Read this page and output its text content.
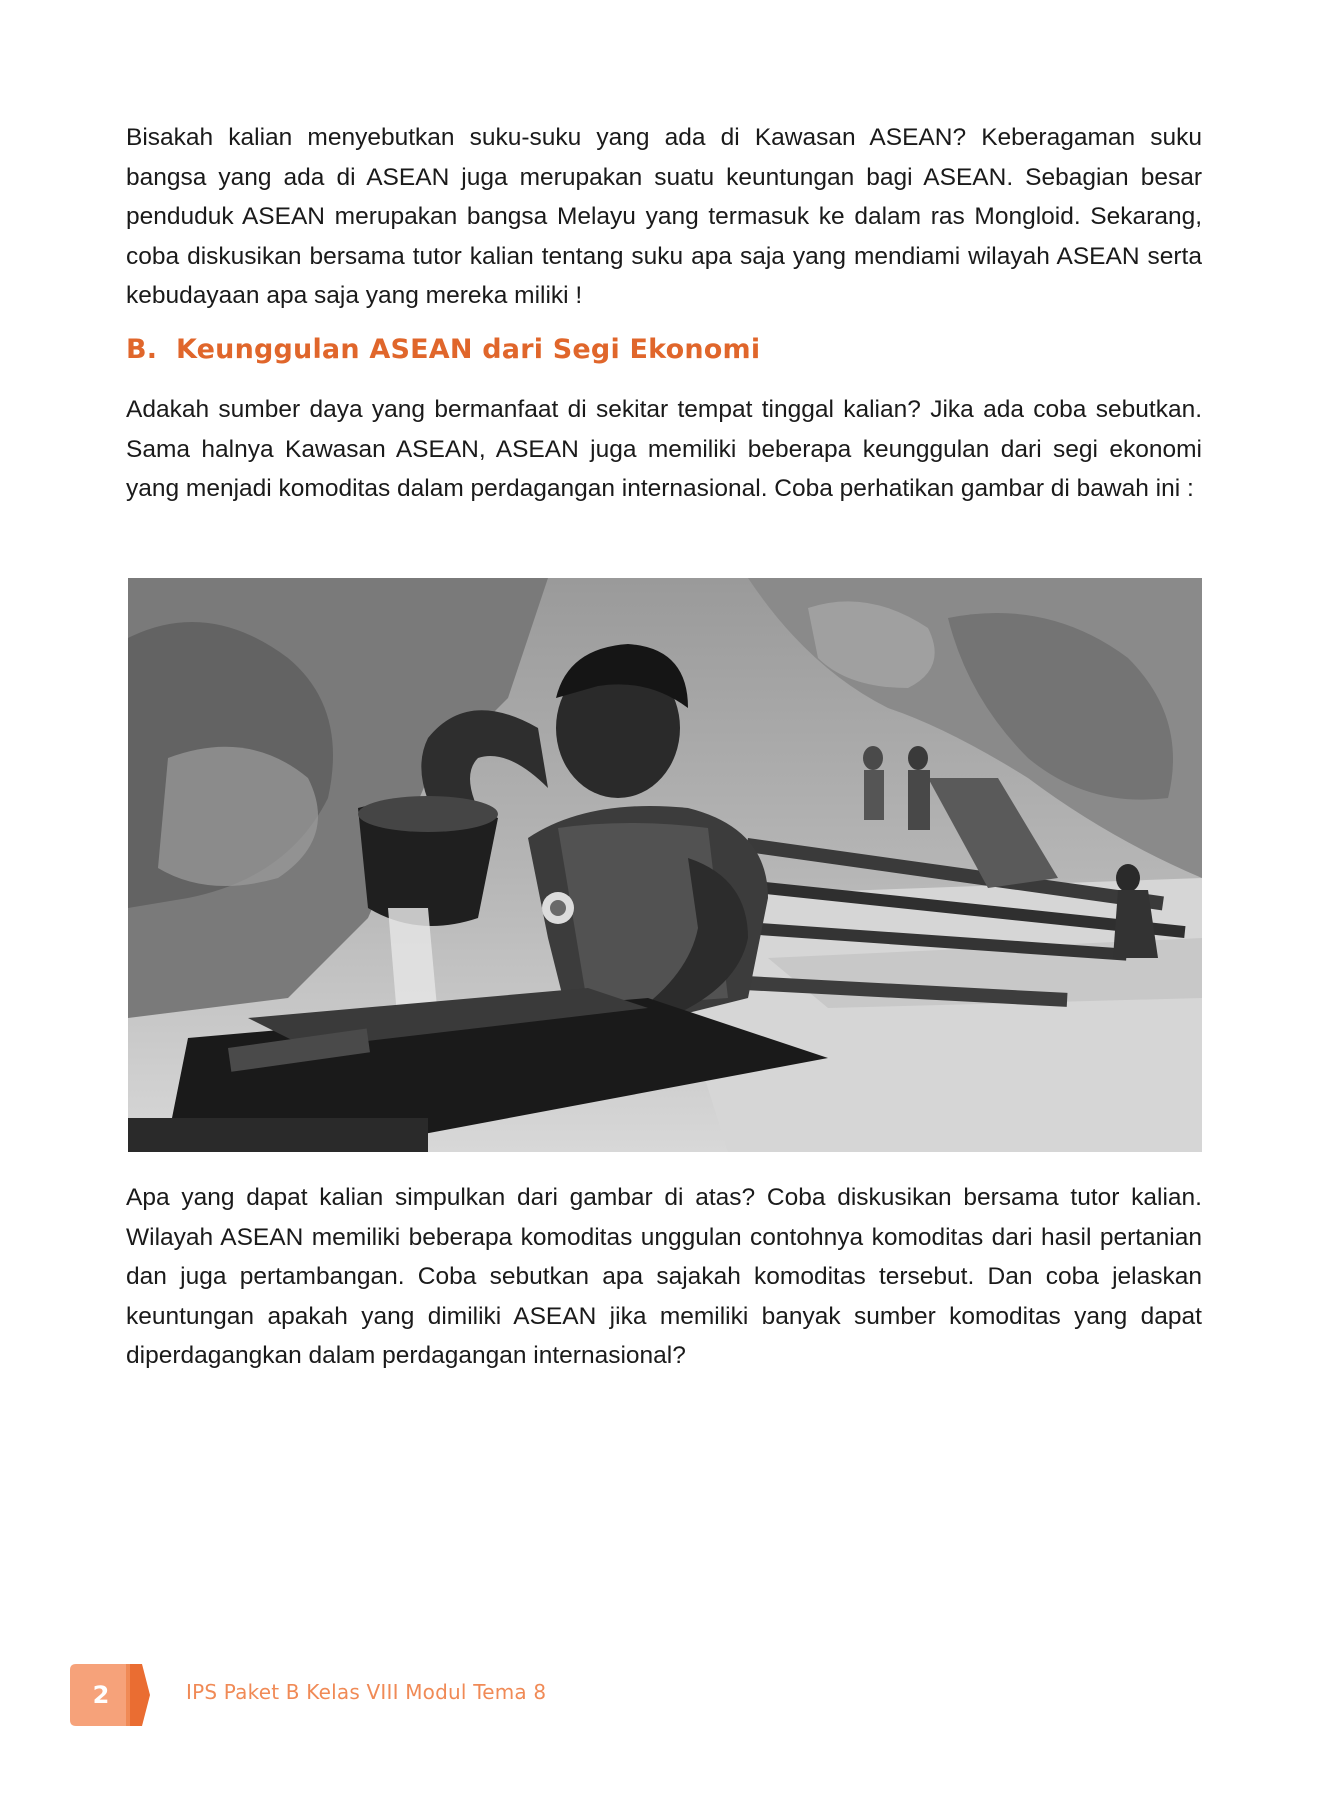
Bisakah kalian menyebutkan suku-suku yang ada di Kawasan ASEAN? Keberagaman suku bangsa yang ada di ASEAN juga merupakan suatu keuntungan bagi ASEAN. Sebagian besar penduduk ASEAN merupakan bangsa Melayu yang termasuk ke dalam ras Mongloid. Sekarang, coba diskusikan bersama tutor kalian tentang suku apa saja yang mendiami wilayah ASEAN serta kebudayaan apa saja yang mereka miliki !

B. Keunggulan ASEAN dari Segi Ekonomi

Adakah sumber daya yang bermanfaat di sekitar tempat tinggal kalian? Jika ada coba sebutkan. Sama halnya Kawasan ASEAN, ASEAN juga memiliki beberapa keunggulan dari segi ekonomi yang menjadi komoditas dalam perdagangan internasional. Coba perhatikan gambar di bawah ini :

Apa yang dapat kalian simpulkan dari gambar di atas? Coba diskusikan bersama tutor kalian. Wilayah ASEAN memiliki beberapa komoditas unggulan contohnya komoditas dari hasil pertanian dan juga pertambangan. Coba sebutkan apa sajakah komoditas tersebut. Dan coba jelaskan keuntungan apakah yang dimiliki ASEAN jika memiliki banyak sumber komoditas yang dapat diperdagangkan dalam perdagangan internasional?

2	IPS Paket B Kelas VIII Modul Tema 8
